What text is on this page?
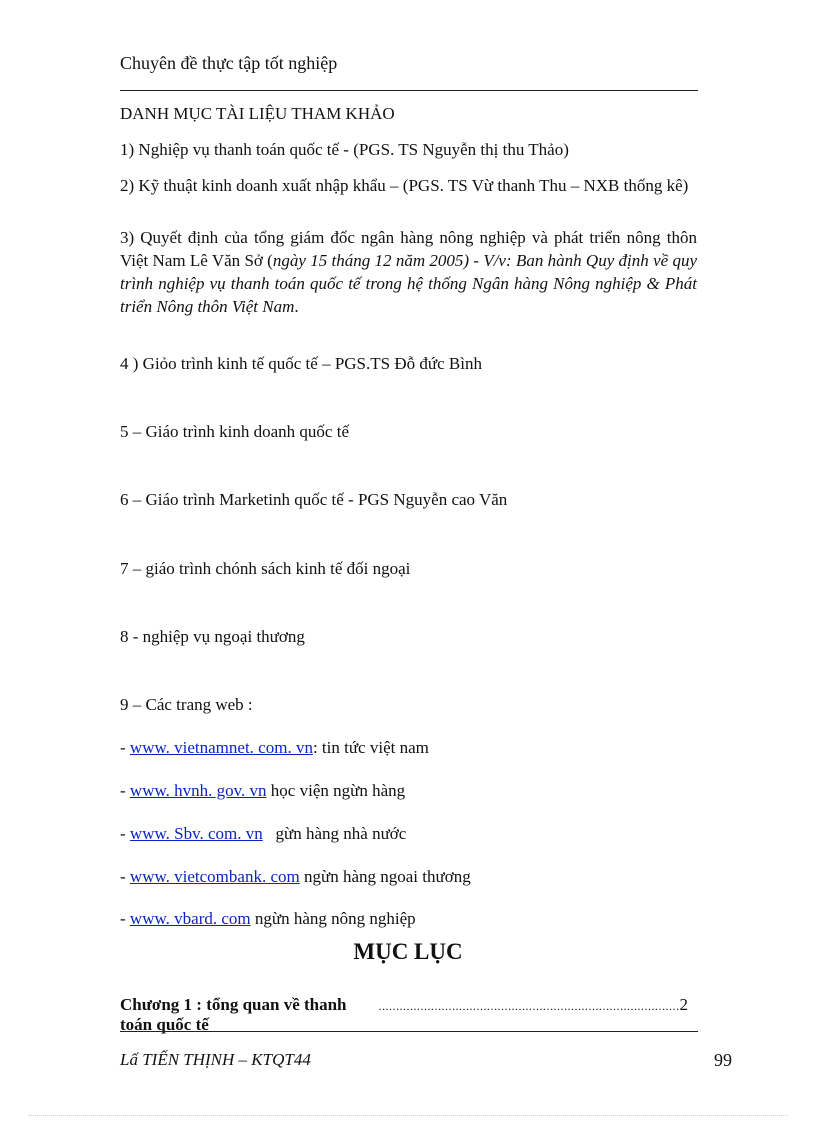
Chuyên đề thực tập tốt nghiệp
DANH MỤC TÀI LIỆU THAM KHẢO
1) Nghiệp vụ thanh toán quốc tế - (PGS. TS Nguyễn thị thu Thảo)
2) Kỹ thuật kinh doanh xuất nhập khẩu – (PGS. TS Vừ thanh Thu – NXB thống kê)
3) Quyết định của tổng giám đốc ngân hàng nông nghiệp và phát triển nông thôn Việt Nam Lê Văn Sở (ngày 15 tháng 12 năm 2005) - V/v: Ban hành Quy định về quy trình nghiệp vụ thanh toán quốc tế trong hệ thống Ngân hàng Nông nghiệp & Phát triển Nông thôn Việt Nam.
4 ) Giỏo trình kinh tế quốc tế – PGS.TS Đỗ đức Bình
5 – Giáo trình kinh doanh quốc tế
6 – Giáo trình Marketinh quốc tế - PGS Nguyễn cao Văn
7 – giáo trình chónh sách kinh tế đối ngoại
8 - nghiệp vụ ngoại thương
9 – Các trang web :
- www. vietnamnet. com. vn: tin tức việt nam
- www. hvnh. gov. vn học viện ngừn hàng
- www. Sbv. com. vn   gừn hàng nhà nước
- www. vietcombank. com ngừn hàng ngoai thương
- www. vbard. com ngừn hàng nông nghiệp
MỤC LỤC
Chương 1 : tổng quan về thanh toán quốc tế
...................................................................................... 2
Lấ TIẾN THỊNH – KTQT44	99
